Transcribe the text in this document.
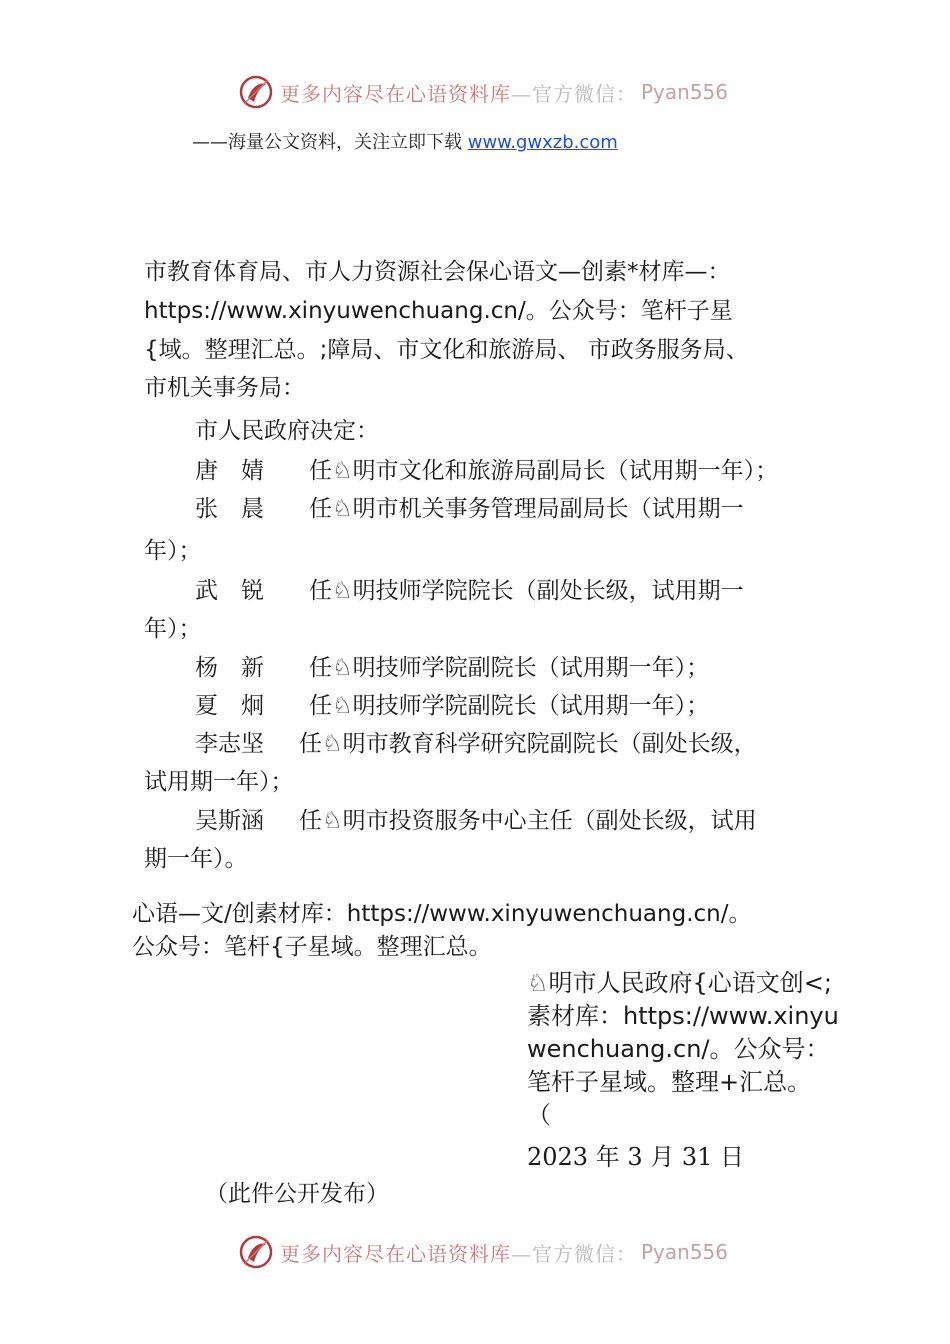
更多内容尽在心语资料库 —官方微信： Pyan556
——海量公文资料，关注立即下载 www.gwxzb.com
市教育体育局、市人力资源社会保心语文—创素*材库—：
https://www.xinyuwenchuang.cn/。公众号：笔杆子星
{域。整理汇总。;障局、市文化和旅游局、 市政务服务局、
市机关事务局：
市人民政府决定：
唐　婧 任♘明市文化和旅游局副局长（试用期一年）；
张　晨 任♘明市机关事务管理局副局长（试用期一
年）；
武　锐 任♘明技师学院院长（副处长级，试用期一
年）；
杨　新 任♘明技师学院副院长（试用期一年）；
夏　炯 任♘明技师学院副院长（试用期一年）；
李志坚 任♘明市教育科学研究院副院长（副处长级，
试用期一年）；
吴斯涵 任♘明市投资服务中心主任（副处长级，试用
期一年）。
心语—文/创素材库：https://www.xinyuwenchuang.cn/。
公众号：笔杆{子星域。整理汇总。
♘明市人民政府{心语文创<;素材库：https://www.xinyuwenchuang.cn/。公众号：笔杆子星域。整理+汇总。 （
2023 年 3 月 31 日
（此件公开发布）
更多内容尽在心语资料库 —官方微信： Pyan556
